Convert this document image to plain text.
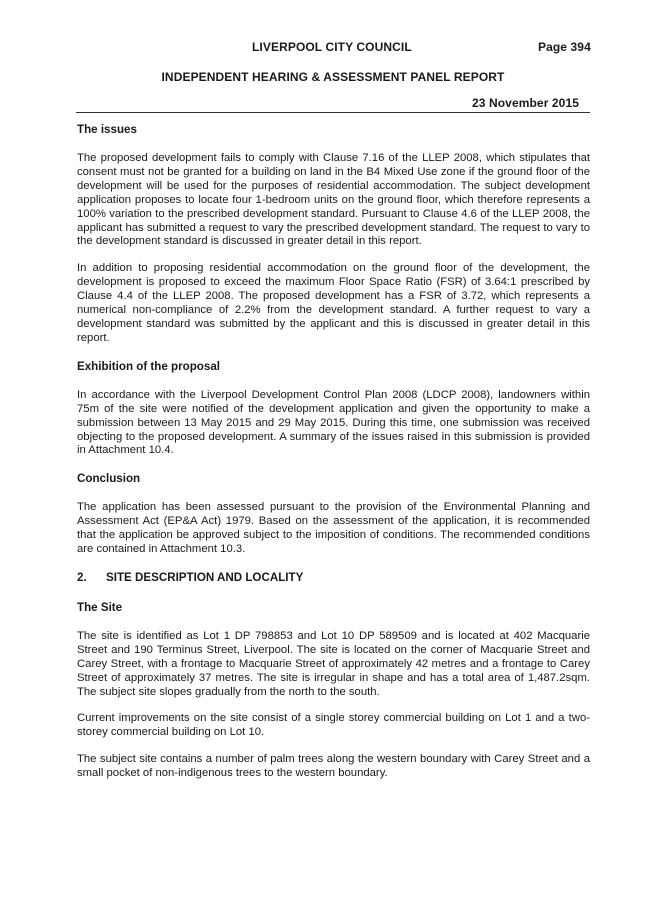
LIVERPOOL CITY COUNCIL	Page 394
INDEPENDENT HEARING & ASSESSMENT PANEL REPORT
23 November 2015
The issues

The proposed development fails to comply with Clause 7.16 of the LLEP 2008, which stipulates that consent must not be granted for a building on land in the B4 Mixed Use zone if the ground floor of the development will be used for the purposes of residential accommodation. The subject development application proposes to locate four 1-bedroom units on the ground floor, which therefore represents a 100% variation to the prescribed development standard. Pursuant to Clause 4.6 of the LLEP 2008, the applicant has submitted a request to vary the prescribed development standard. The request to vary to the development standard is discussed in greater detail in this report.

In addition to proposing residential accommodation on the ground floor of the development, the development is proposed to exceed the maximum Floor Space Ratio (FSR) of 3.64:1 prescribed by Clause 4.4 of the LLEP 2008. The proposed development has a FSR of 3.72, which represents a numerical non-compliance of 2.2% from the development standard. A further request to vary a development standard was submitted by the applicant and this is discussed in greater detail in this report.

Exhibition of the proposal

In accordance with the Liverpool Development Control Plan 2008 (LDCP 2008), landowners within 75m of the site were notified of the development application and given the opportunity to make a submission between 13 May 2015 and 29 May 2015. During this time, one submission was received objecting to the proposed development. A summary of the issues raised in this submission is provided in Attachment 10.4.

Conclusion

The application has been assessed pursuant to the provision of the Environmental Planning and Assessment Act (EP&A Act) 1979. Based on the assessment of the application, it is recommended that the application be approved subject to the imposition of conditions. The recommended conditions are contained in Attachment 10.3.

2.	SITE DESCRIPTION AND LOCALITY
The Site

The site is identified as Lot 1 DP 798853 and Lot 10 DP 589509 and is located at 402 Macquarie Street and 190 Terminus Street, Liverpool. The site is located on the corner of Macquarie Street and Carey Street, with a frontage to Macquarie Street of approximately 42 metres and a frontage to Carey Street of approximately 37 metres. The site is irregular in shape and has a total area of 1,487.2sqm. The subject site slopes gradually from the north to the south.

Current improvements on the site consist of a single storey commercial building on Lot 1 and a two-storey commercial building on Lot 10.

The subject site contains a number of palm trees along the western boundary with Carey Street and a small pocket of non-indigenous trees to the western boundary.
